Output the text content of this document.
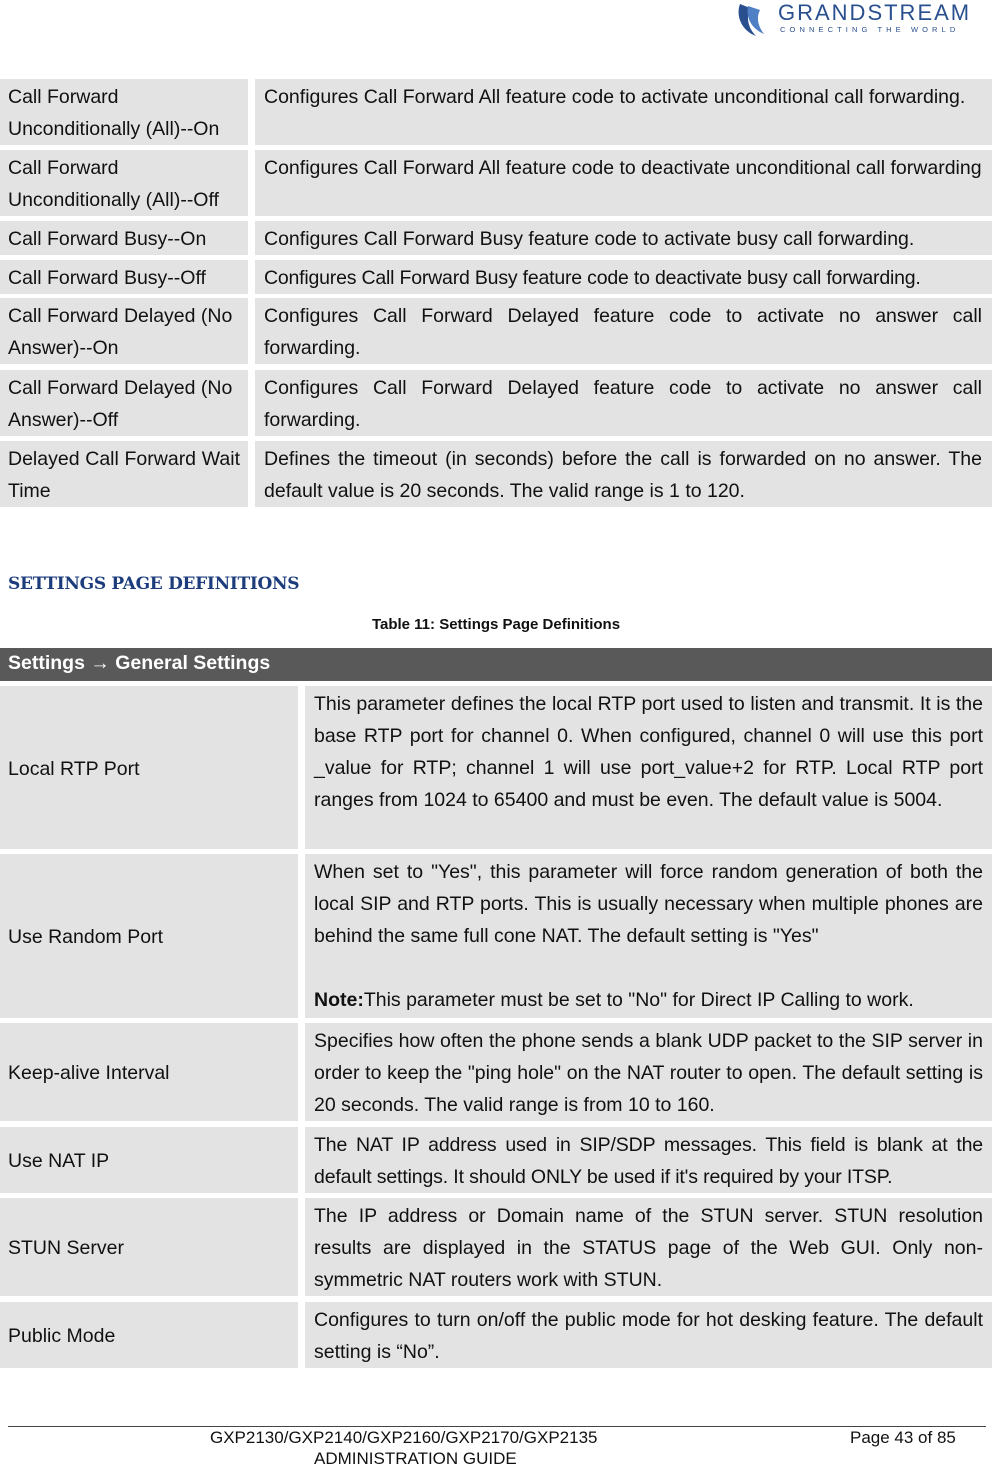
GRANDSTREAM
CONNECTING THE WORLD
Call Forward Unconditionally (All)--On
Configures Call Forward All feature code to activate unconditional call forwarding.
Call Forward Unconditionally (All)--Off
Configures Call Forward All feature code to deactivate unconditional call forwarding
Call Forward Busy--On	Configures Call Forward Busy feature code to activate busy call forwarding.
Call Forward Busy--Off	Configures Call Forward Busy feature code to deactivate busy call forwarding.
Call Forward Delayed (No Answer)--On
Configures Call Forward Delayed feature code to activate no answer call forwarding.
Call Forward Delayed (No Answer)--Off
Configures Call Forward Delayed feature code to activate no answer call forwarding.
Delayed Call Forward Wait Time
Defines the timeout (in seconds) before the call is forwarded on no answer. The default value is 20 seconds. The valid range is 1 to 120.
SETTINGS PAGE DEFINITIONS
Table 11: Settings Page Definitions
Settings → General Settings
Local RTP Port
This parameter defines the local RTP port used to listen and transmit. It is the base RTP port for channel 0. When configured, channel 0 will use this port _value for RTP; channel 1 will use port_value+2 for RTP. Local RTP port ranges from 1024 to 65400 and must be even. The default value is 5004.
Use Random Port
When set to "Yes", this parameter will force random generation of both the local SIP and RTP ports. This is usually necessary when multiple phones are behind the same full cone NAT. The default setting is "Yes"
Note:This parameter must be set to "No" for Direct IP Calling to work.
Keep-alive Interval
Specifies how often the phone sends a blank UDP packet to the SIP server in order to keep the "ping hole" on the NAT router to open. The default setting is 20 seconds. The valid range is from 10 to 160.
Use NAT IP
The NAT IP address used in SIP/SDP messages. This field is blank at the default settings. It should ONLY be used if it's required by your ITSP.
STUN Server
The IP address or Domain name of the STUN server. STUN resolution results are displayed in the STATUS page of the Web GUI. Only non-symmetric NAT routers work with STUN.
Public Mode
Configures to turn on/off the public mode for hot desking feature. The default setting is “No”.
GXP2130/GXP2140/GXP2160/GXP2170/GXP2135
ADMINISTRATION GUIDE
Page 43 of 85
